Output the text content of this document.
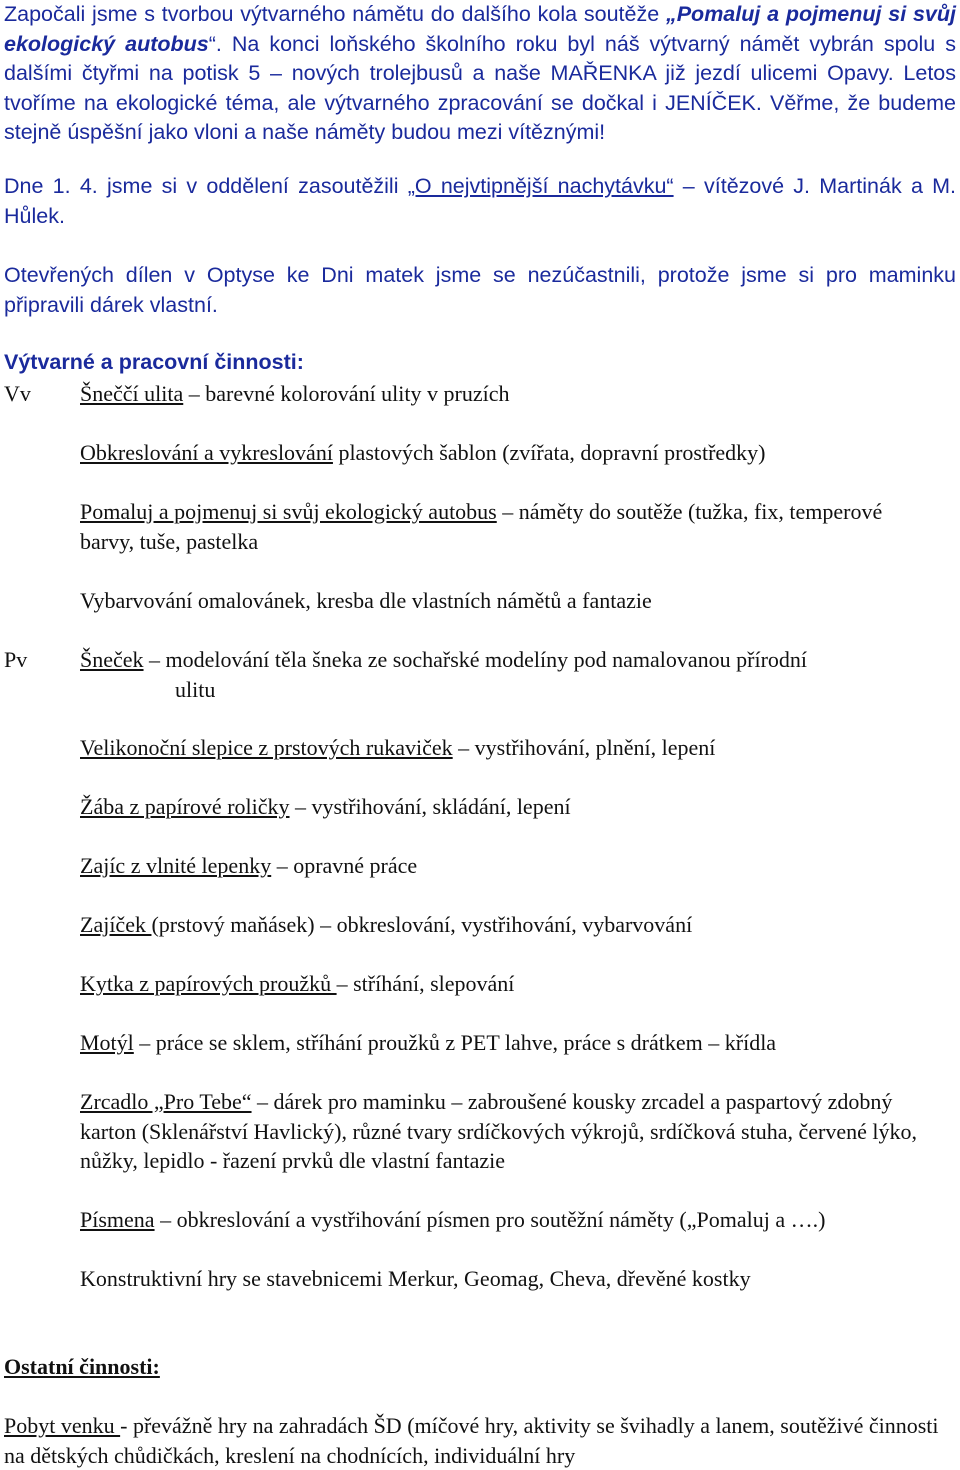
Započali jsme s tvorbou výtvarného námětu do dalšího kola soutěže „Pomaluj a pojmenuj si svůj ekologický autobus“. Na konci loňského školního roku byl náš výtvarný námět vybrán spolu s dalšími čtyřmi na potisk 5 – nových trolejbusů a naše MAŘENKA již jezdí ulicemi Opavy. Letos tvoříme na ekologické téma, ale výtvarného zpracování se dočkal i JENÍČEK. Věřme, že budeme stejně úspěšní jako vloni a naše náměty budou mezi vítěznými!

Dne 1. 4. jsme si v oddělení zasoutěžili „O nejvtipnější nachytávku“ – vítězové J. Martinák a M. Hůlek.

Otevřených dílen v Optyse ke Dni matek jsme se nezúčastnili, protože jsme si pro maminku připravili dárek vlastní.

Výtvarné a pracovní činnosti:

Vv Šneččí ulita – barevné kolorování ulity v pruzích

Obkreslování a vykreslování plastových šablon (zvířata, dopravní prostředky)

Pomaluj a pojmenuj si svůj ekologický autobus – náměty do soutěže (tužka, fix, temperové barvy, tuše, pastelka

Vybarvování omalovánek, kresba dle vlastních námětů a fantazie

Pv Šneček – modelování těla šneka ze sochařské modelíny pod namalovanou přírodní
ulitu

Velikonoční slepice z prstových rukaviček – vystřihování, plnění, lepení

Žába z papírové roličky – vystřihování, skládání, lepení

Zajíc z vlnité lepenky – opravné práce

Zajíček (prstový maňásek) – obkreslování, vystřihování, vybarvování

Kytka z papírových proužků – stříhání, slepování

Motýl – práce se sklem, stříhání proužků z PET lahve, práce s drátkem – křídla

Zrcadlo „Pro Tebe“ – dárek pro maminku – zabroušené kousky zrcadel a paspartový zdobný karton (Sklenářství Havlický), různé tvary srdíčkových výkrojů, srdíčková stuha, červené lýko, nůžky, lepidlo - řazení prvků dle vlastní fantazie

Písmena – obkreslování a vystřihování písmen pro soutěžní náměty („Pomaluj a ….)

Konstruktivní hry se stavebnicemi Merkur, Geomag, Cheva, dřevěné kostky

Ostatní činnosti:

Pobyt venku - převážně hry na zahradách ŠD (míčové hry, aktivity se švihadly a lanem, soutěživé činnosti na dětských chůdičkách, kreslení na chodnících, individuální hry
